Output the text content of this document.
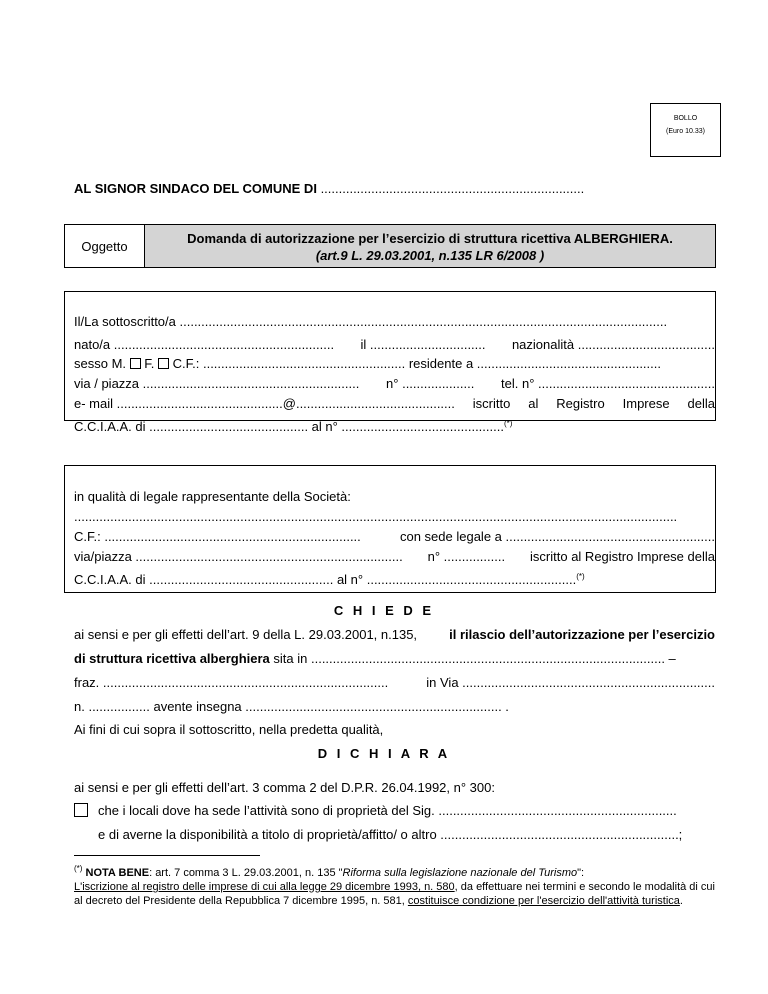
BOLLO
(Euro 10.33)
AL SIGNOR SINDACO DEL COMUNE DI .........................................................................
Oggetto	Domanda di autorizzazione per l’esercizio di struttura ricettiva ALBERGHIERA.
(art.9 L. 29.03.2001, n.135 LR 6/2008 )
Il/La sottoscritto/a .......................................................................................................................................
nato/a ............................................................. il ................................ nazionalità ......................................
sesso M. F. C.F.: ........................................................ residente a ...................................................
via / piazza ............................................................ n° .................... tel. n° .................................................
e- mail ..............................................@............................................ iscritto al Registro Imprese della
C.C.I.A.A. di ............................................ al n° .............................................(*)
in qualità di legale rappresentante della Società:
.......................................................................................................................................................................
C.F.: .......................................................................	con sede legale a ..........................................................
via/piazza .......................................................................... n° ................. iscritto al Registro Imprese della
C.C.I.A.A. di ................................................... al n° ..........................................................(*)
C H I E D E
ai sensi e per gli effetti dell’art. 9 della L. 29.03.2001, n.135, il rilascio dell’autorizzazione per l’esercizio
di struttura ricettiva alberghiera sita in .................................................................................................. –
fraz. ...............................................................................	in Via ......................................................................
n. ................. avente insegna ....................................................................... .
Ai fini di cui sopra il sottoscritto, nella predetta qualità,
D I C H I A R A
ai sensi e per gli effetti dell’art. 3 comma 2 del D.P.R. 26.04.1992, n° 300:
che i locali dove ha sede l’attività sono di proprietà del Sig. ..................................................................
e di averne la disponibilità a titolo di proprietà/affitto/ o altro ..................................................................;
(*) NOTA BENE: art. 7 comma 3 L. 29.03.2001, n. 135 "Riforma sulla legislazione nazionale del Turismo":
L'iscrizione al registro delle imprese di cui alla legge 29 dicembre 1993, n. 580, da effettuare nei termini e secondo le modalità di cui al decreto del Presidente della Repubblica 7 dicembre 1995, n. 581, costituisce condizione per l'esercizio dell'attività turistica.
